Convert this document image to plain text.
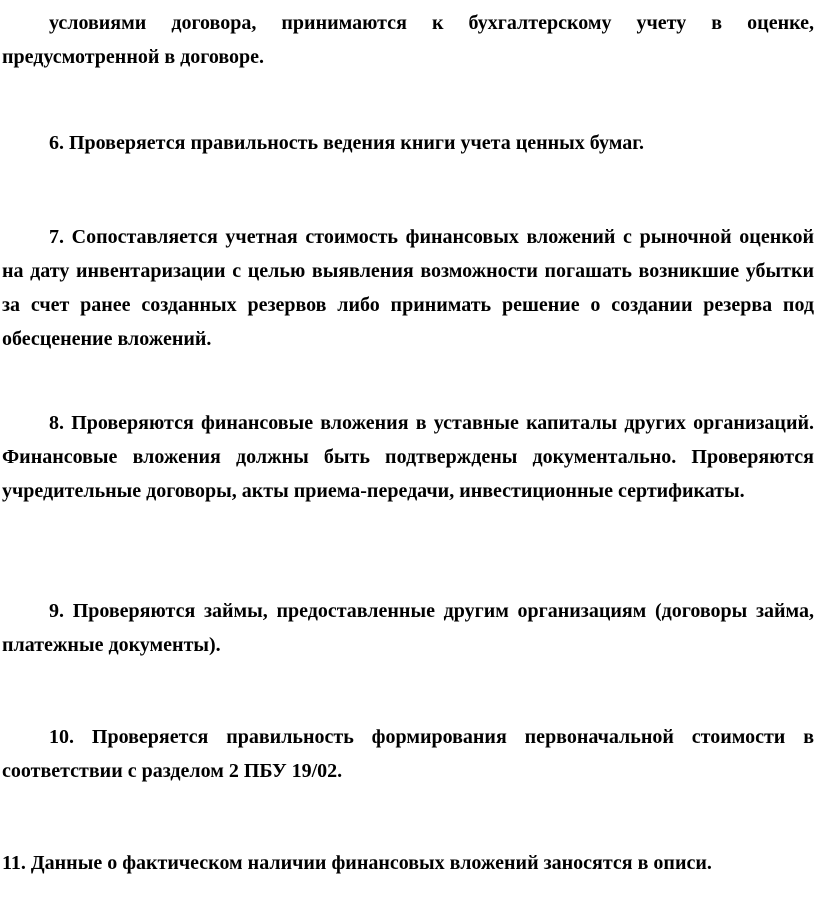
условиями договора, принимаются к бухгалтерскому учету в оценке, предусмотренной в договоре.

6. Проверяется правильность ведения книги учета ценных бумаг.

7. Сопоставляется учетная стоимость финансовых вложений с рыночной оценкой на дату инвентаризации с целью выявления возможности погашать возникшие убытки за счет ранее созданных резервов либо принимать решение о создании резерва под обесценение вложений.

8. Проверяются финансовые вложения в уставные капиталы других организаций. Финансовые вложения должны быть подтверждены документально. Проверяются учредительные договоры, акты приема-передачи, инвестиционные сертификаты.

9. Проверяются займы, предоставленные другим организациям (договоры займа, платежные документы).

10. Проверяется правильность формирования первоначальной стоимости в соответствии с разделом 2 ПБУ 19/02.

11. Данные о фактическом наличии финансовых вложений заносятся в описи.
